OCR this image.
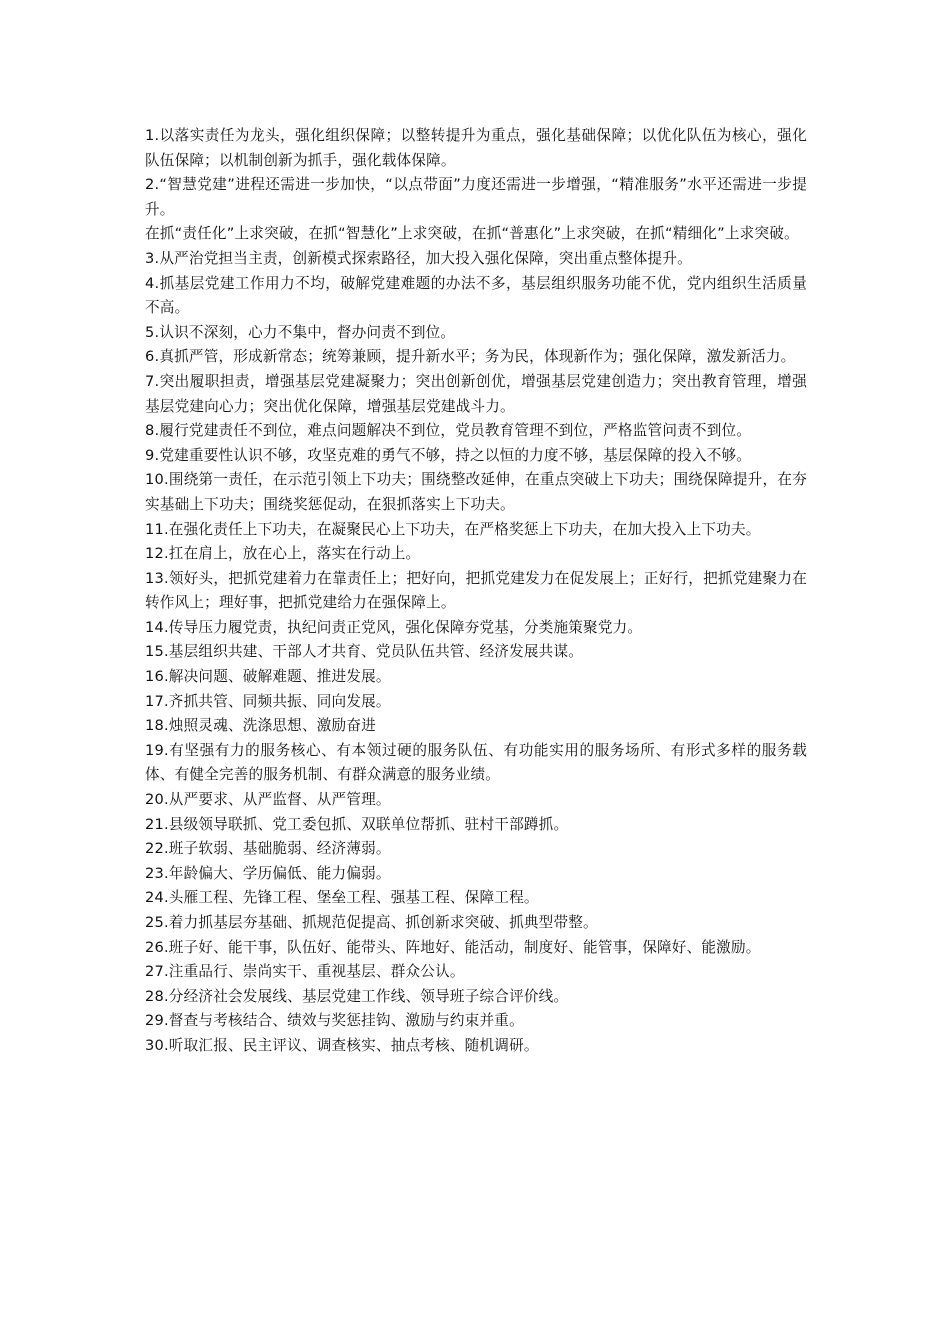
1.以落实责任为龙头，强化组织保障；以整转提升为重点，强化基础保障；以优化队伍为核心，强化队伍保障；以机制创新为抓手，强化载体保障。

2.“智慧党建”进程还需进一步加快，“以点带面”力度还需进一步增强，“精准服务”水平还需进一步提升。

在抓“责任化”上求突破，在抓“智慧化”上求突破，在抓“普惠化”上求突破，在抓“精细化”上求突破。

3.从严治党担当主责，创新模式探索路径，加大投入强化保障，突出重点整体提升。

4.抓基层党建工作用力不均，破解党建难题的办法不多，基层组织服务功能不优，党内组织生活质量不高。

5.认识不深刻，心力不集中，督办问责不到位。

6.真抓严管，形成新常态；统筹兼顾，提升新水平；务为民，体现新作为；强化保障，激发新活力。

7.突出履职担责，增强基层党建凝聚力；突出创新创优，增强基层党建创造力；突出教育管理，增强基层党建向心力；突出优化保障，增强基层党建战斗力。

8.履行党建责任不到位，难点问题解决不到位，党员教育管理不到位，严格监管问责不到位。

9.党建重要性认识不够，攻坚克难的勇气不够，持之以恒的力度不够，基层保障的投入不够。

10.围绕第一责任，在示范引领上下功夫；围绕整改延伸，在重点突破上下功夫；围绕保障提升，在夯实基础上下功夫；围绕奖惩促动，在狠抓落实上下功夫。

11.在强化责任上下功夫，在凝聚民心上下功夫，在严格奖惩上下功夫，在加大投入上下功夫。

12.扛在肩上，放在心上，落实在行动上。

13.领好头，把抓党建着力在靠责任上；把好向，把抓党建发力在促发展上；正好行，把抓党建聚力在转作风上；理好事，把抓党建给力在强保障上。

14.传导压力履党责，执纪问责正党风，强化保障夯党基，分类施策聚党力。

15.基层组织共建、干部人才共育、党员队伍共管、经济发展共谋。

16.解决问题、破解难题、推进发展。

17.齐抓共管、同频共振、同向发展。

18.烛照灵魂、洗涤思想、激励奋进

19.有坚强有力的服务核心、有本领过硬的服务队伍、有功能实用的服务场所、有形式多样的服务载体、有健全完善的服务机制、有群众满意的服务业绩。

20.从严要求、从严监督、从严管理。

21.县级领导联抓、党工委包抓、双联单位帮抓、驻村干部蹲抓。

22.班子软弱、基础脆弱、经济薄弱。

23.年龄偏大、学历偏低、能力偏弱。

24.头雁工程、先锋工程、堡垒工程、强基工程、保障工程。

25.着力抓基层夯基础、抓规范促提高、抓创新求突破、抓典型带整。

26.班子好、能干事，队伍好、能带头、阵地好、能活动，制度好、能管事，保障好、能激励。

27.注重品行、崇尚实干、重视基层、群众公认。

28.分经济社会发展线、基层党建工作线、领导班子综合评价线。

29.督查与考核结合、绩效与奖惩挂钩、激励与约束并重。

30.听取汇报、民主评议、调查核实、抽点考核、随机调研。
